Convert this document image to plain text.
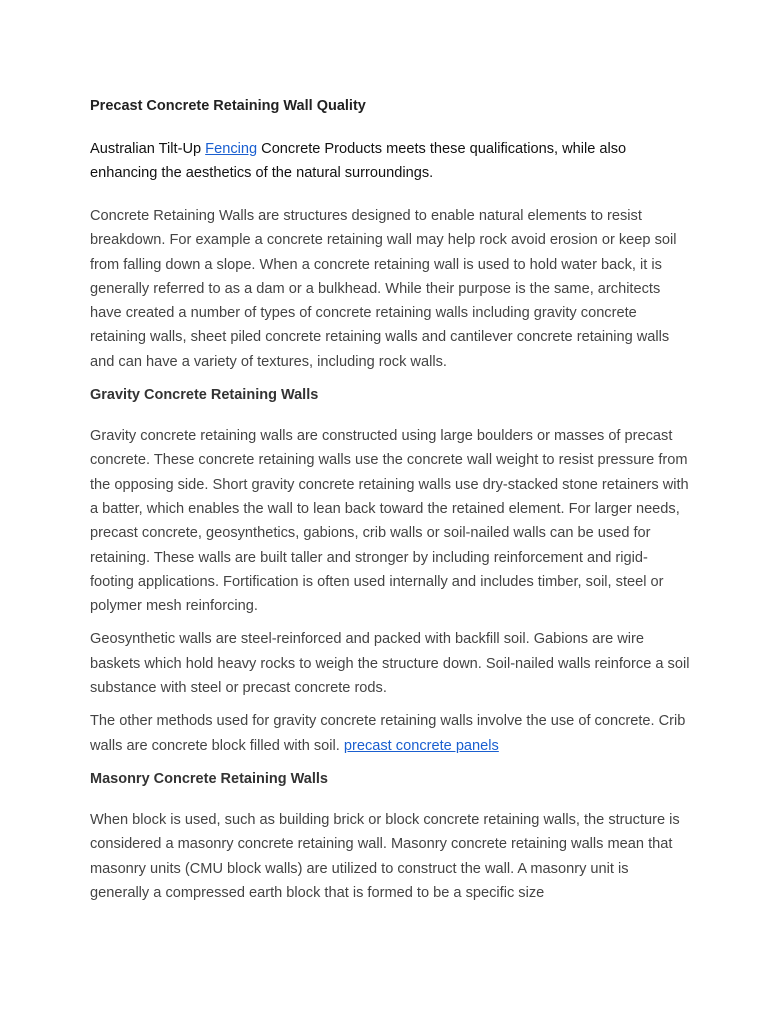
Precast Concrete Retaining Wall Quality
Australian Tilt-Up Fencing Concrete Products meets these qualifications, while also enhancing the aesthetics of the natural surroundings.
Concrete Retaining Walls are structures designed to enable natural elements to resist breakdown. For example a concrete retaining wall may help rock avoid erosion or keep soil from falling down a slope. When a concrete retaining wall is used to hold water back, it is generally referred to as a dam or a bulkhead. While their purpose is the same, architects have created a number of types of concrete retaining walls including gravity concrete retaining walls, sheet piled concrete retaining walls and cantilever concrete retaining walls and can have a variety of textures, including rock walls.
Gravity Concrete Retaining Walls
Gravity concrete retaining walls are constructed using large boulders or masses of precast concrete. These concrete retaining walls use the concrete wall weight to resist pressure from the opposing side. Short gravity concrete retaining walls use dry-stacked stone retainers with a batter, which enables the wall to lean back toward the retained element. For larger needs, precast concrete, geosynthetics, gabions, crib walls or soil-nailed walls can be used for retaining. These walls are built taller and stronger by including reinforcement and rigid-footing applications. Fortification is often used internally and includes timber, soil, steel or polymer mesh reinforcing.
Geosynthetic walls are steel-reinforced and packed with backfill soil. Gabions are wire baskets which hold heavy rocks to weigh the structure down. Soil-nailed walls reinforce a soil substance with steel or precast concrete rods.
The other methods used for gravity concrete retaining walls involve the use of concrete. Crib walls are concrete block filled with soil. precast concrete panels
Masonry Concrete Retaining Walls
When block is used, such as building brick or block concrete retaining walls, the structure is considered a masonry concrete retaining wall. Masonry concrete retaining walls mean that masonry units (CMU block walls) are utilized to construct the wall. A masonry unit is generally a compressed earth block that is formed to be a specific size
